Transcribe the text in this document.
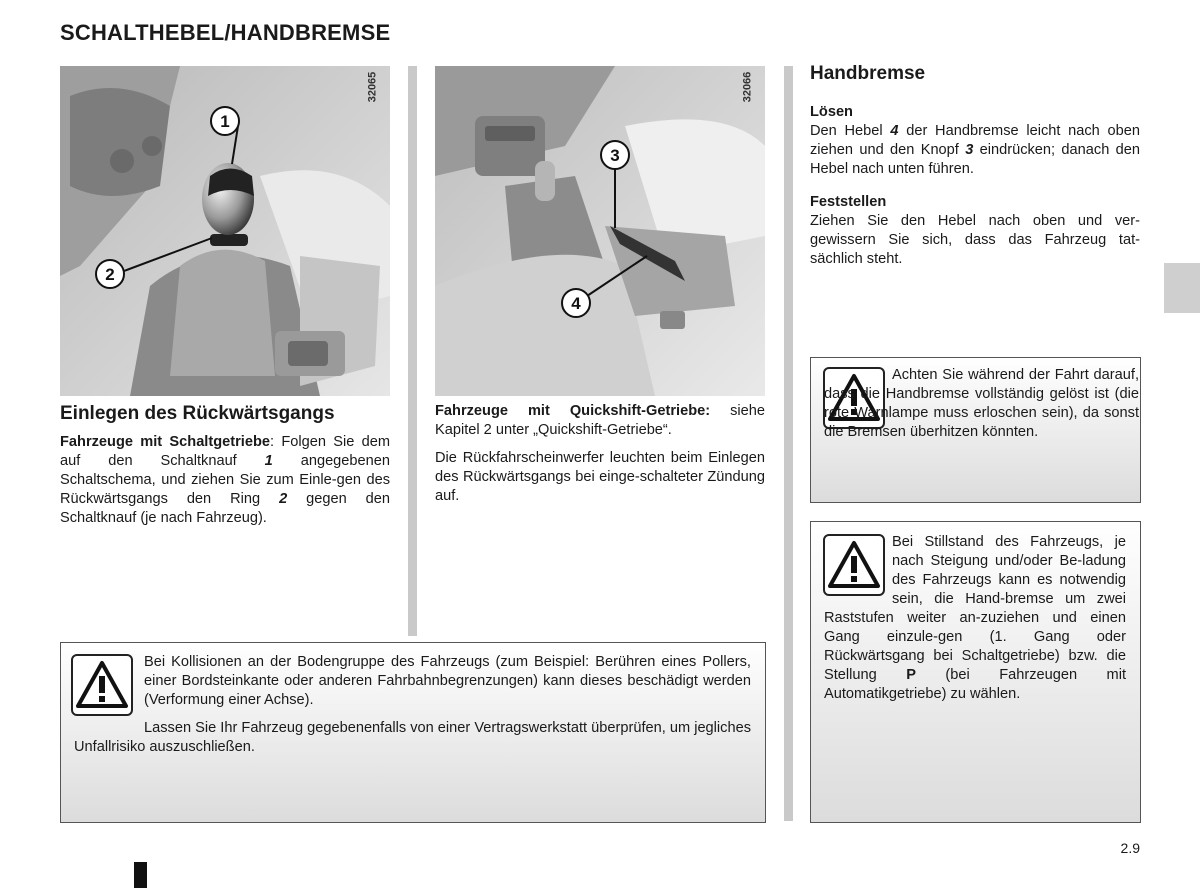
SCHALTHEBEL/HANDBREMSE
1
2
32065
3
4
32066
Einlegen des Rückwärtsgangs

Fahrzeuge mit Schaltgetriebe: Folgen Sie dem auf den Schaltknauf 1 angegebenen Schaltschema, und ziehen Sie zum Einle-gen des Rückwärtsgangs den Ring 2 gegen den Schaltknauf (je nach Fahrzeug).

Fahrzeuge mit Quickshift-Getriebe: siehe Kapitel 2 unter „Quickshift-Getriebe“.

Die Rückfahrscheinwerfer leuchten beim Einlegen des Rückwärtsgangs bei einge-schalteter Zündung auf.

Handbremse

Lösen
Den Hebel 4 der Handbremse leicht nach oben ziehen und den Knopf 3 eindrücken; danach den Hebel nach unten führen.

Feststellen
Ziehen Sie den Hebel nach oben und ver-gewissern Sie sich, dass das Fahrzeug tat-sächlich steht.

Achten Sie während der Fahrt darauf, dass die Handbremse vollständig gelöst ist (die rote Warnlampe muss erloschen sein), da sonst die Bremsen überhitzen könnten.
Bei Stillstand des Fahrzeugs, je nach Steigung und/oder Be-ladung des Fahrzeugs kann es notwendig sein, die Hand-bremse um zwei Raststufen weiter an-zuziehen und einen Gang einzule-gen (1. Gang oder Rückwärtsgang bei Schaltgetriebe) bzw. die Stellung P (bei Fahrzeugen mit Automatikgetriebe) zu wählen.

Bei Kollisionen an der Bodengruppe des Fahrzeugs (zum Beispiel: Berühren eines Pollers, einer Bordsteinkante oder anderen Fahrbahnbegrenzungen) kann dieses beschädigt werden (Verformung einer Achse).

Lassen Sie Ihr Fahrzeug gegebenenfalls von einer Vertragswerkstatt überprüfen, um jegliches Unfallrisiko auszuschließen.

2.9
